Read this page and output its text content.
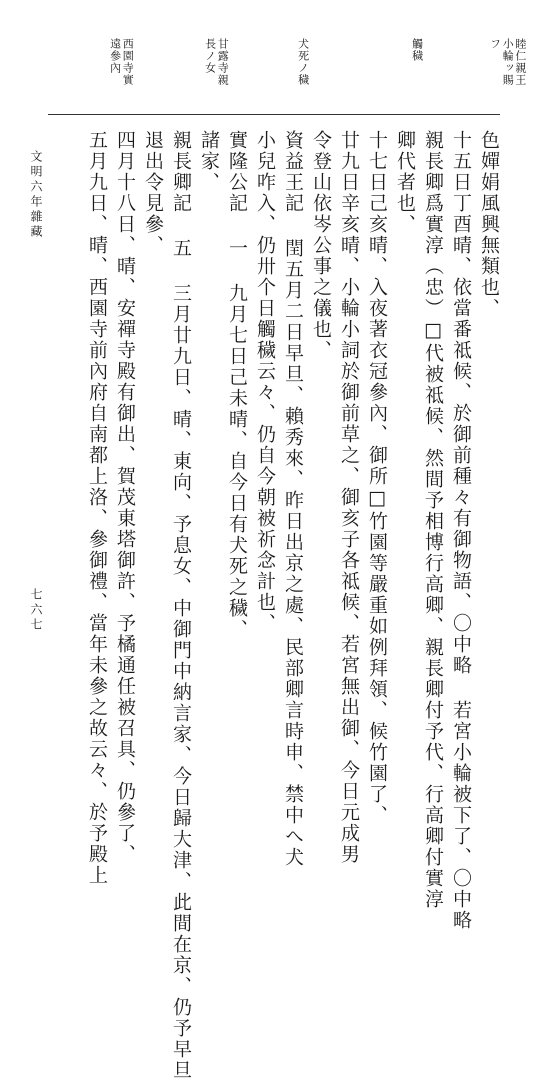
睦仁親王
小輪ッ賜
フ
觸穢
犬死ノ穢
甘露寺親
長ノ女
西園寺實
遠參內
色嬋娟風興無類也、
十五日丁酉晴、依當番祗候、於御前種々有御物語、〇中略 若宮小輪被下了、〇中略
親長卿爲實淳（忠）□代被祗候、然間予相博行高卿、親長卿付予代、行高卿付實淳
卿代者也、
十七日己亥晴、入夜著衣冠參內、御所□竹園等嚴重如例拜領、候竹園了、
廿九日辛亥晴、小輪小詞於御前草之、御亥子各祗候、若宮無出御、今日元成男
令登山依岑公事之儀也、
資益王記 閏五月二日早旦、賴秀來、昨日出京之處、民部卿言時申、禁中へ犬
小兒咋入、仍卅个日觸穢云々、仍自今朝被祈念計也、
實隆公記 一 九月七日己未晴、自今日有犬死之穢、
諸家、
親長卿記 五 三月廿九日、晴、東向、予息女、中御門中納言家、今日歸大津、此間在京、仍予早旦
退出令見參、
四月十八日、晴、安禪寺殿有御出、賀茂東塔御許、予橘通任被召具、仍參了、
五月九日、晴、西園寺前內府自南都上洛、參御禮、當年未參之故云々、於予殿上
文明六年雜藏
七六七
